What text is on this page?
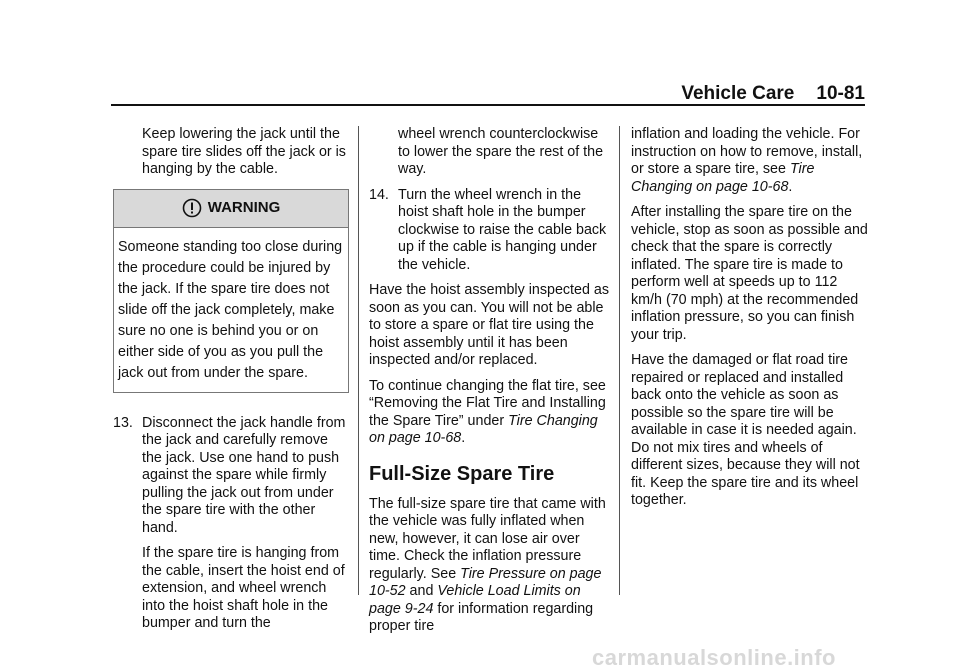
Vehicle Care 10-81

Keep lowering the jack until the spare tire slides off the jack or is hanging by the cable.

WARNING
Someone standing too close during the procedure could be injured by the jack. If the spare tire does not slide off the jack completely, make sure no one is behind you or on either side of you as you pull the jack out from under the spare.
13. Disconnect the jack handle from the jack and carefully remove the jack. Use one hand to push against the spare while firmly pulling the jack out from under the spare tire with the other hand.
If the spare tire is hanging from the cable, insert the hoist end of extension, and wheel wrench into the hoist shaft hole in the bumper and turn the

wheel wrench counterclockwise to lower the spare the rest of the way.

14. Turn the wheel wrench in the hoist shaft hole in the bumper clockwise to raise the cable back up if the cable is hanging under the vehicle.

Have the hoist assembly inspected as soon as you can. You will not be able to store a spare or flat tire using the hoist assembly until it has been inspected and/or replaced.

To continue changing the flat tire, see “Removing the Flat Tire and Installing the Spare Tire” under Tire Changing on page 10-68.

Full-Size Spare Tire

The full-size spare tire that came with the vehicle was fully inflated when new, however, it can lose air over time. Check the inflation pressure regularly. See Tire Pressure on page 10-52 and Vehicle Load Limits on page 9-24 for information regarding proper tire

inflation and loading the vehicle. For instruction on how to remove, install, or store a spare tire, see Tire Changing on page 10-68.

After installing the spare tire on the vehicle, stop as soon as possible and check that the spare is correctly inflated. The spare tire is made to perform well at speeds up to 112 km/h (70 mph) at the recommended inflation pressure, so you can finish your trip.

Have the damaged or flat road tire repaired or replaced and installed back onto the vehicle as soon as possible so the spare tire will be available in case it is needed again. Do not mix tires and wheels of different sizes, because they will not fit. Keep the spare tire and its wheel together.

carmanualsonline.info
